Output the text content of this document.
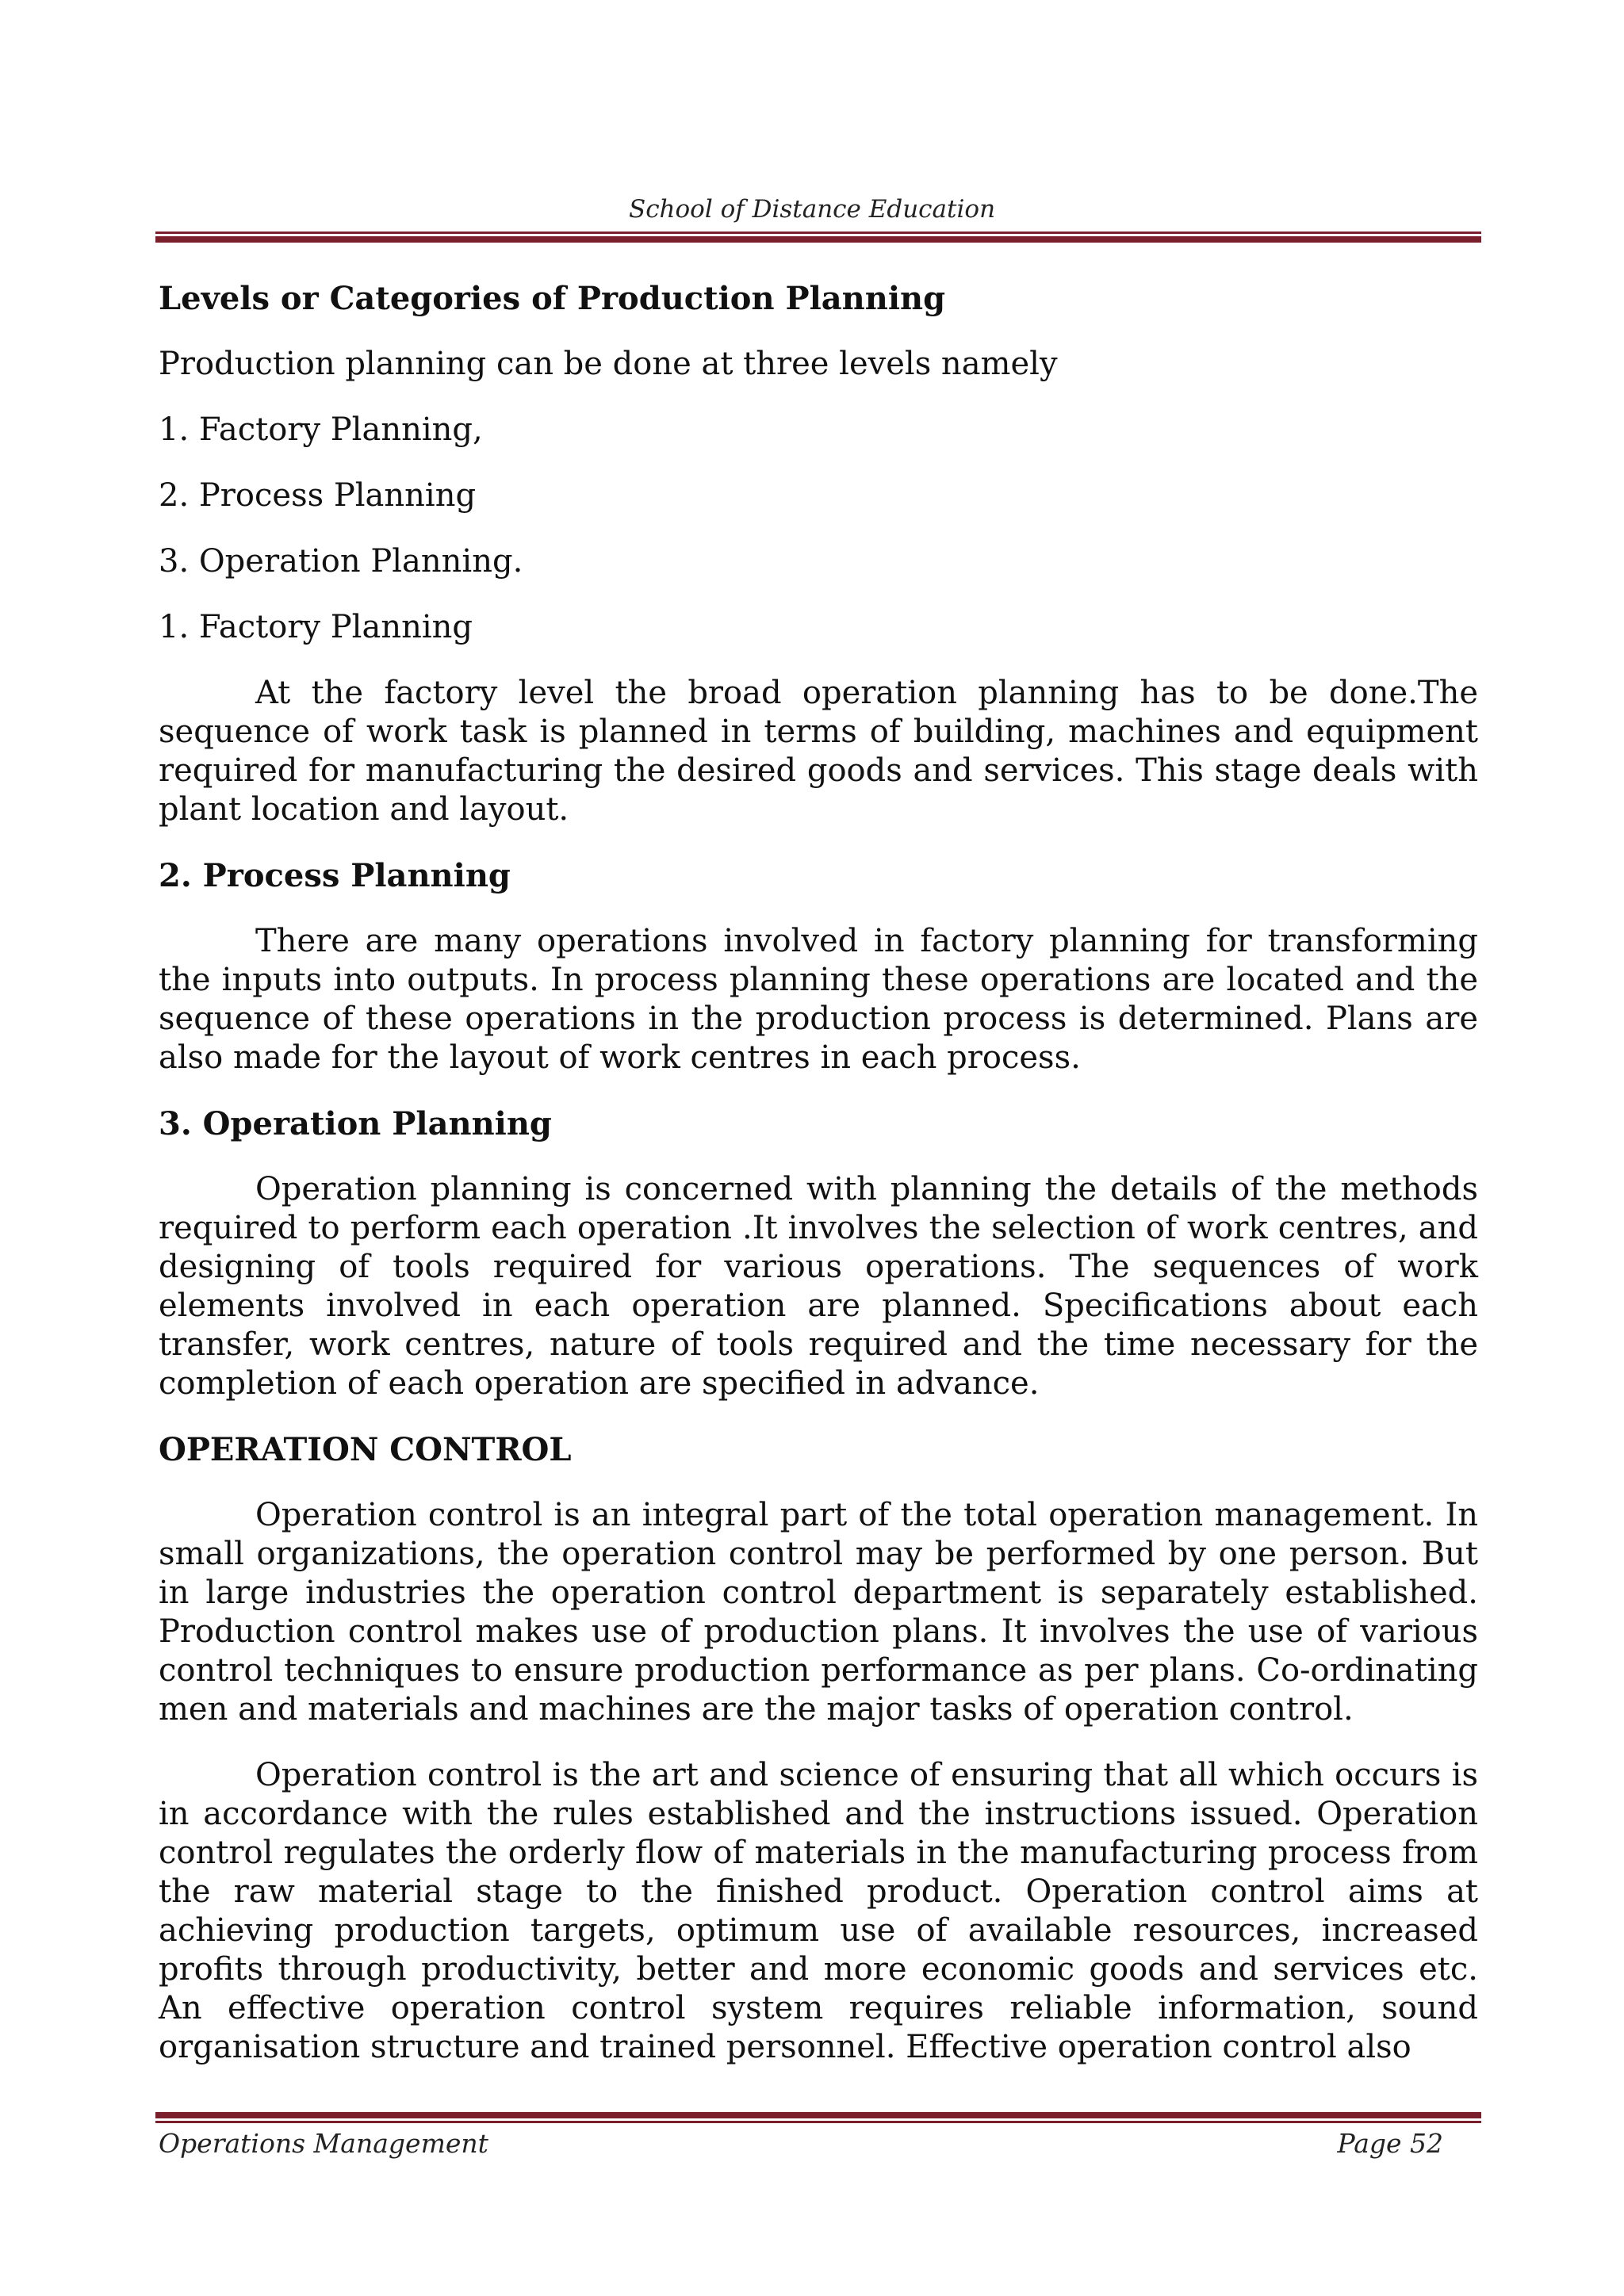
School of Distance Education

Levels or Categories of Production Planning

Production planning can be done at three levels namely

1. Factory Planning,

2. Process Planning

3. Operation Planning.

1. Factory Planning

At the factory level the broad operation planning has to be done.The sequence of work task is planned in terms of building, machines and equipment required for manufacturing the desired goods and services. This stage deals with plant location and layout.

2. Process Planning

There are many operations involved in factory planning for transforming the inputs into outputs. In process planning these operations are located and the sequence of these operations in the production process is determined. Plans are also made for the layout of work centres in each process.

3. Operation Planning

Operation planning is concerned with planning the details of the methods required to perform each operation .It involves the selection of work centres, and designing of tools required for various operations. The sequences of work elements involved in each operation are planned. Specifications about each transfer, work centres, nature of tools required and the time necessary for the completion of each operation are specified in advance.

OPERATION CONTROL

Operation control is an integral part of the total operation management. In small organizations, the operation control may be performed by one person. But in large industries the operation control department is separately established. Production control makes use of production plans. It involves the use of various control techniques to ensure production performance as per plans. Co-ordinating men and materials and machines are the major tasks of operation control.

Operation control is the art and science of ensuring that all which occurs is in accordance with the rules established and the instructions issued. Operation control regulates the orderly flow of materials in the manufacturing process from the raw material stage to the finished product. Operation control aims at achieving production targets, optimum use of available resources, increased profits through productivity, better and more economic goods and services etc. An effective operation control system requires reliable information, sound organisation structure and trained personnel. Effective operation control also

Operations Management	Page 52
